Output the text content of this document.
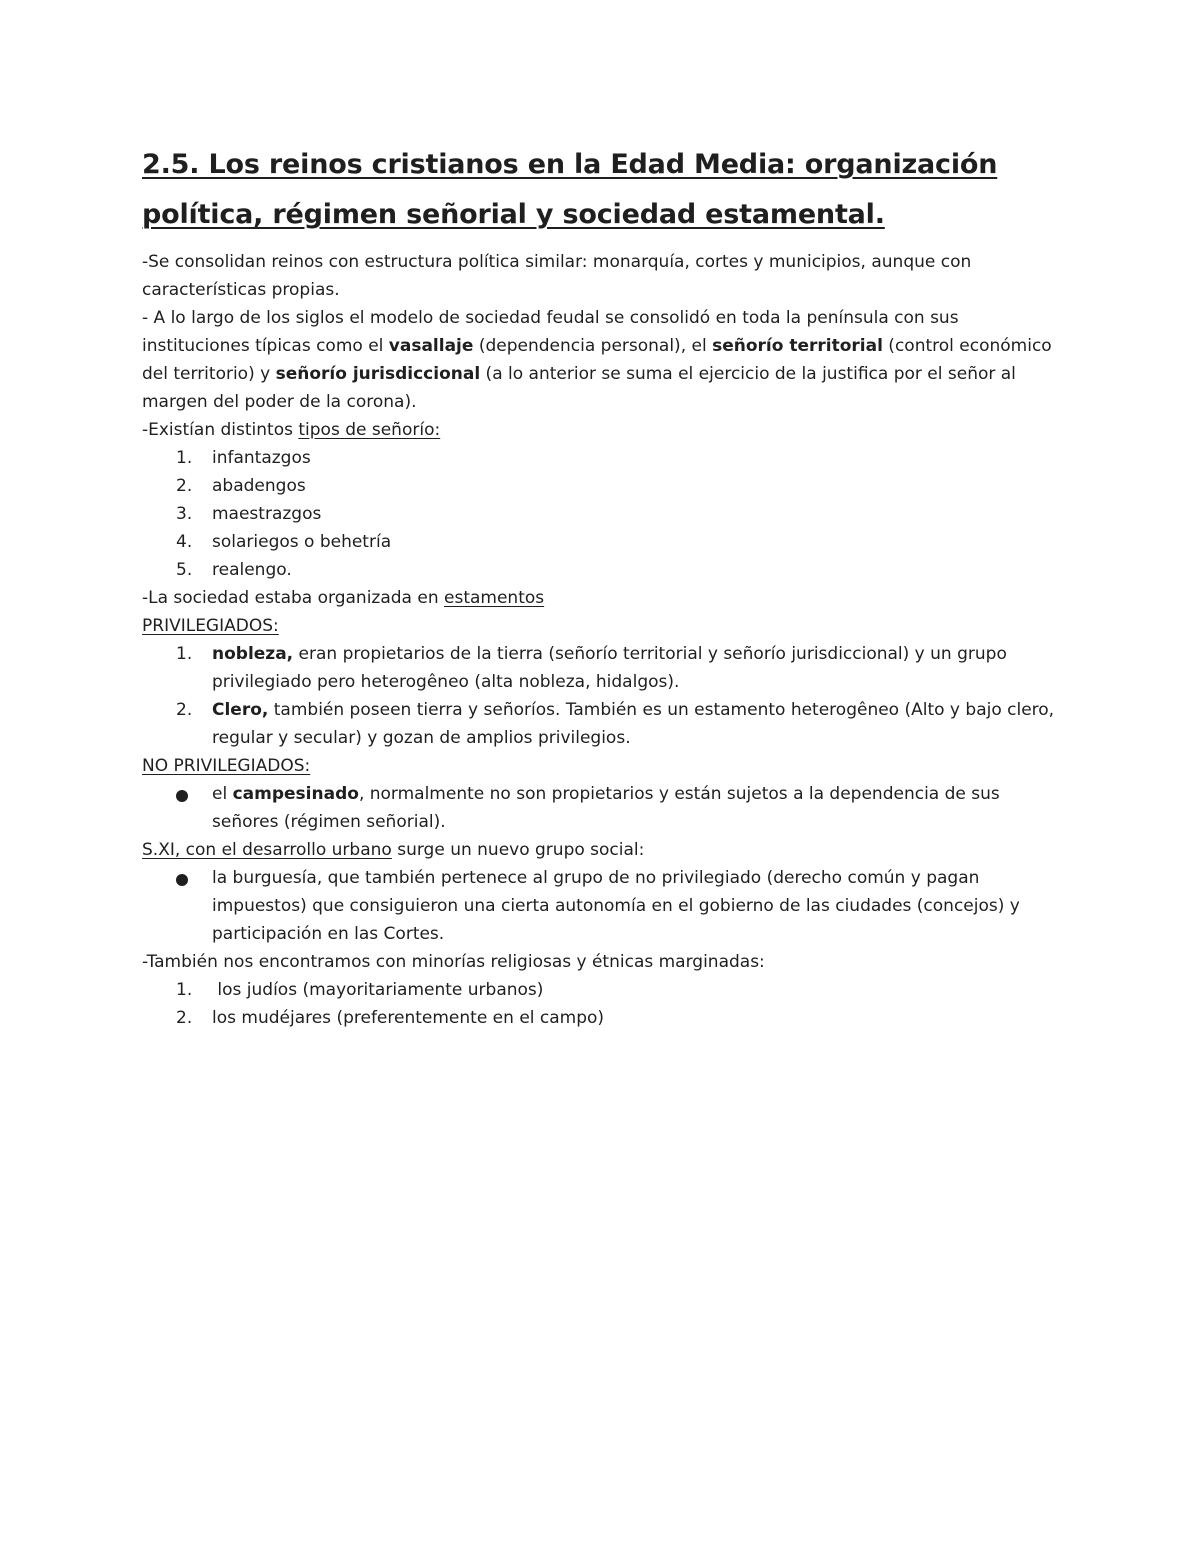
2.5. Los reinos cristianos en la Edad Media: organización política, régimen señorial y sociedad estamental.

-Se consolidan reinos con estructura política similar: monarquía, cortes y municipios, aunque con características propias.

- A lo largo de los siglos el modelo de sociedad feudal se consolidó en toda la península con sus instituciones típicas como el vasallaje (dependencia personal), el señorío territorial (control económico del territorio) y señorío jurisdiccional (a lo anterior se suma el ejercicio de la justifica por el señor al margen del poder de la corona).

-Existían distintos tipos de señorío:

1. infantazgos
2. abadengos
3. maestrazgos
4. solariegos o behetría
5. realengo.

-La sociedad estaba organizada en estamentos

PRIVILEGIADOS:

1. nobleza, eran propietarios de la tierra (señorío territorial y señorío jurisdiccional) y un grupo privilegiado pero heterogêneo (alta nobleza, hidalgos).
2. Clero, también poseen tierra y señoríos. También es un estamento heterogêneo (Alto y bajo clero, regular y secular) y gozan de amplios privilegios.

NO PRIVILEGIADOS:

el campesinado, normalmente no son propietarios y están sujetos a la dependencia de sus señores (régimen señorial).

S.XI, con el desarrollo urbano surge un nuevo grupo social:

la burguesía, que también pertenece al grupo de no privilegiado (derecho común y pagan impuestos) que consiguieron una cierta autonomía en el gobierno de las ciudades (concejos) y participación en las Cortes.

-También nos encontramos con minorías religiosas y étnicas marginadas:

1. los judíos (mayoritariamente urbanos)
2. los mudéjares (preferentemente en el campo)
